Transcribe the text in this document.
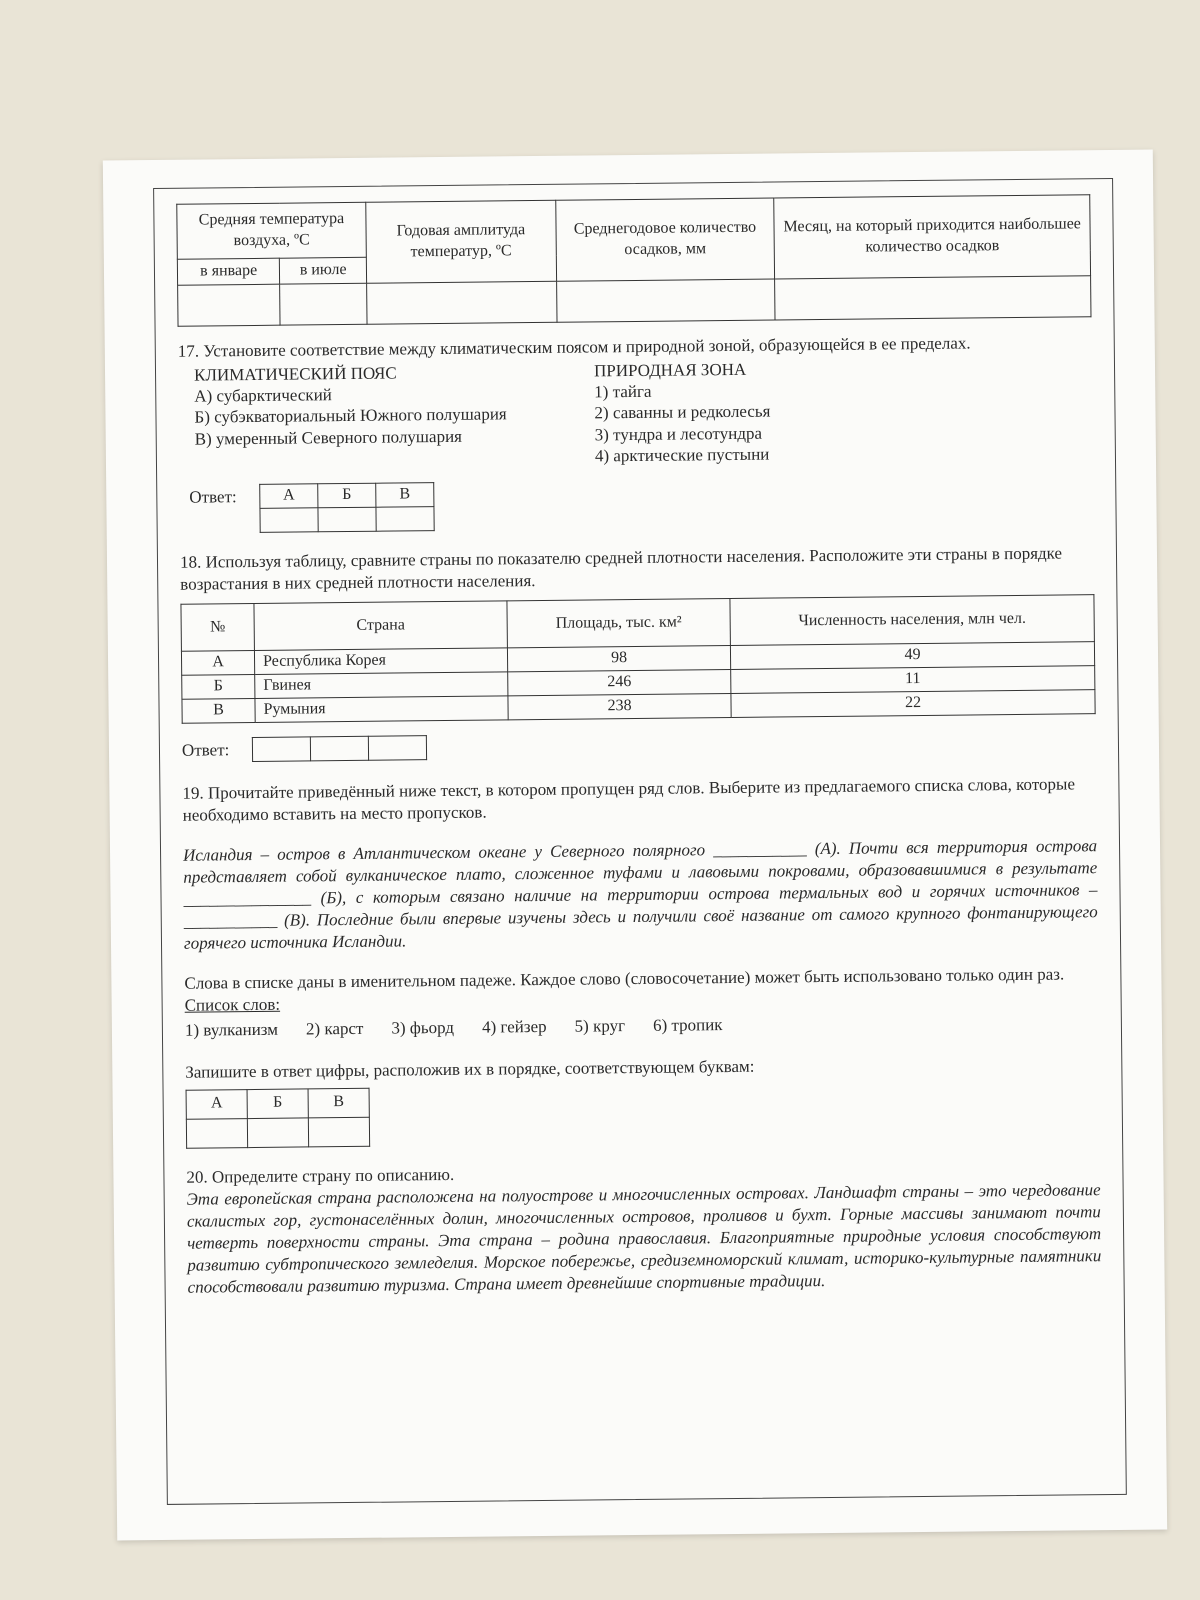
Средняя температура воздуха, ºС		Годовая амплитуда температур, ºС	Среднегодовое количество осадков, мм	Месяц, на который приходится наибольшее количество осадков
в январе	в июле			

17. Установите соответствие между климатическим поясом и природной зоной, образующейся в ее пределах.

КЛИМАТИЧЕСКИЙ ПОЯС
А) субарктический
Б) субэкваториальный Южного полушария
В) умеренный Северного полушария
ПРИРОДНАЯ ЗОНА
1) тайга
2) саванны и редколесья
3) тундра и лесотундра
4) арктические пустыни
Ответ:	А	Б	В

18. Используя таблицу, сравните страны по показателю средней плотности населения. Расположите эти страны в порядке возрастания в них средней плотности населения.

№	Страна	Площадь, тыс. км²	Численность населения, млн чел.
А	Республика Корея	98	49
Б	Гвинея	246	11
В	Румыния	238	22
Ответ:

19. Прочитайте приведённый ниже текст, в котором пропущен ряд слов. Выберите из предлагаемого списка слова, которые необходимо вставить на место пропусков.

Исландия – остров в Атлантическом океане у Северного полярного ___________ (А). Почти вся территория острова представляет собой вулканическое плато, сложенное туфами и лавовыми покровами, образовавшимися в результате _______________ (Б), с которым связано наличие на территории острова термальных вод и горячих источников – ___________ (В). Последние были впервые изучены здесь и получили своё название от самого крупного фонтанирующего горячего источника Исландии.

Слова в списке даны в именительном падеже. Каждое слово (словосочетание) может быть использовано только один раз.

Список слов:

1) вулканизм 2) карст 3) фьорд 4) гейзер 5) круг 6) тропик

Запишите в ответ цифры, расположив их в порядке, соответствующем буквам:

А	Б	В

20. Определите страну по описанию.

Эта европейская страна расположена на полуострове и многочисленных островах. Ландшафт страны – это чередование скалистых гор, густонаселённых долин, многочисленных островов, проливов и бухт. Горные массивы занимают почти четверть поверхности страны. Эта страна – родина православия. Благоприятные природные условия способствуют развитию субтропического земледелия. Морское побережье, средиземноморский климат, историко-культурные памятники способствовали развитию туризма. Страна имеет древнейшие спортивные традиции.
